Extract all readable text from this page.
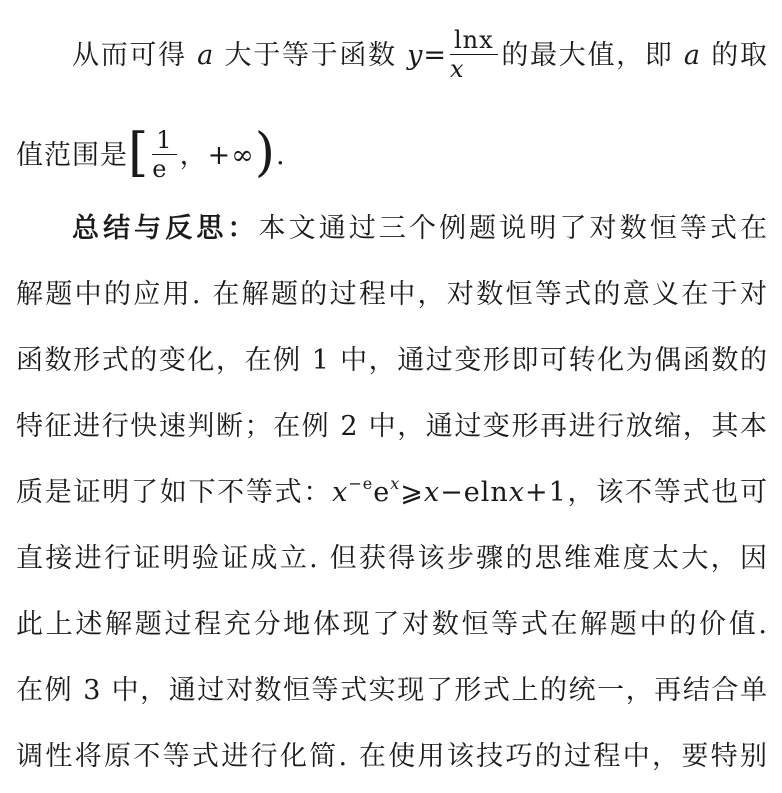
从而可得 a 大于等于函数 $y= \frac{\ln x}{x}$ 的最大值，即 a 的取
值范围是[ $\frac{1}{e}$ ，+∞).
总结与反思：本文通过三个例题说明了对数恒等式在
解题中的应用. 在解题的过程中，对数恒等式的意义在于对
函数形式的变化，在例 1 中，通过变形即可转化为偶函数的
特征进行快速判断；在例 2 中，通过变形再进行放缩，其本
质是证明了如下不等式：$x^{-e}e^x⩾x-elnx+1$，该不等式也可
直接进行证明验证成立. 但获得该步骤的思维难度太大，因
此上述解题过程充分地体现了对数恒等式在解题中的价值.
在例 3 中，通过对数恒等式实现了形式上的统一，再结合单
调性将原不等式进行化简. 在使用该技巧的过程中，要特别
